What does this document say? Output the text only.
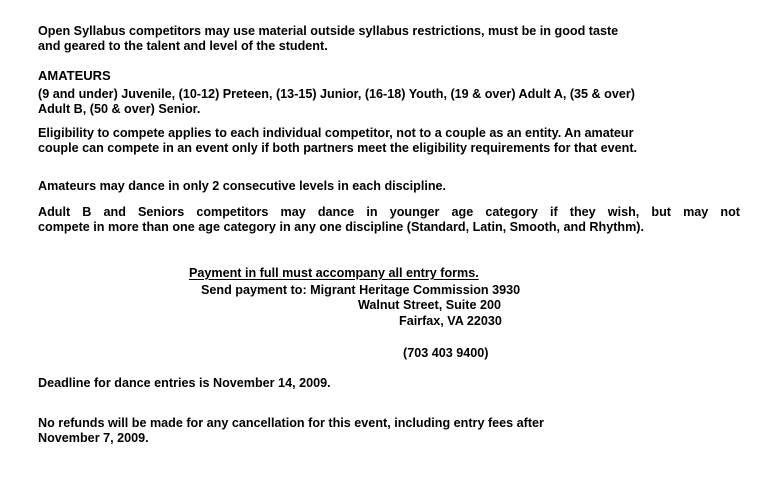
Open Syllabus competitors may use material outside syllabus restrictions, must be in good taste
and geared to the talent and level of the student.

AMATEURS

(9 and under) Juvenile, (10-12) Preteen, (13-15) Junior, (16-18) Youth, (19 & over) Adult A, (35 & over)
Adult B, (50 & over) Senior.

Eligibility to compete applies to each individual competitor, not to a couple as an entity. An amateur
couple can compete in an event only if both partners meet the eligibility requirements for that event.

Amateurs may dance in only 2 consecutive levels in each discipline.

Adult B and Seniors competitors may dance in younger age category if they wish, but may not
compete in more than one age category in any one discipline (Standard, Latin, Smooth, and Rhythm).
Payment in full must accompany all entry forms.
Send payment to: Migrant Heritage Commission 3930
Walnut Street, Suite 200
Fairfax, VA 22030
(703 403 9400)

Deadline for dance entries is November 14, 2009.

No refunds will be made for any cancellation for this event, including entry fees after
November 7, 2009.
